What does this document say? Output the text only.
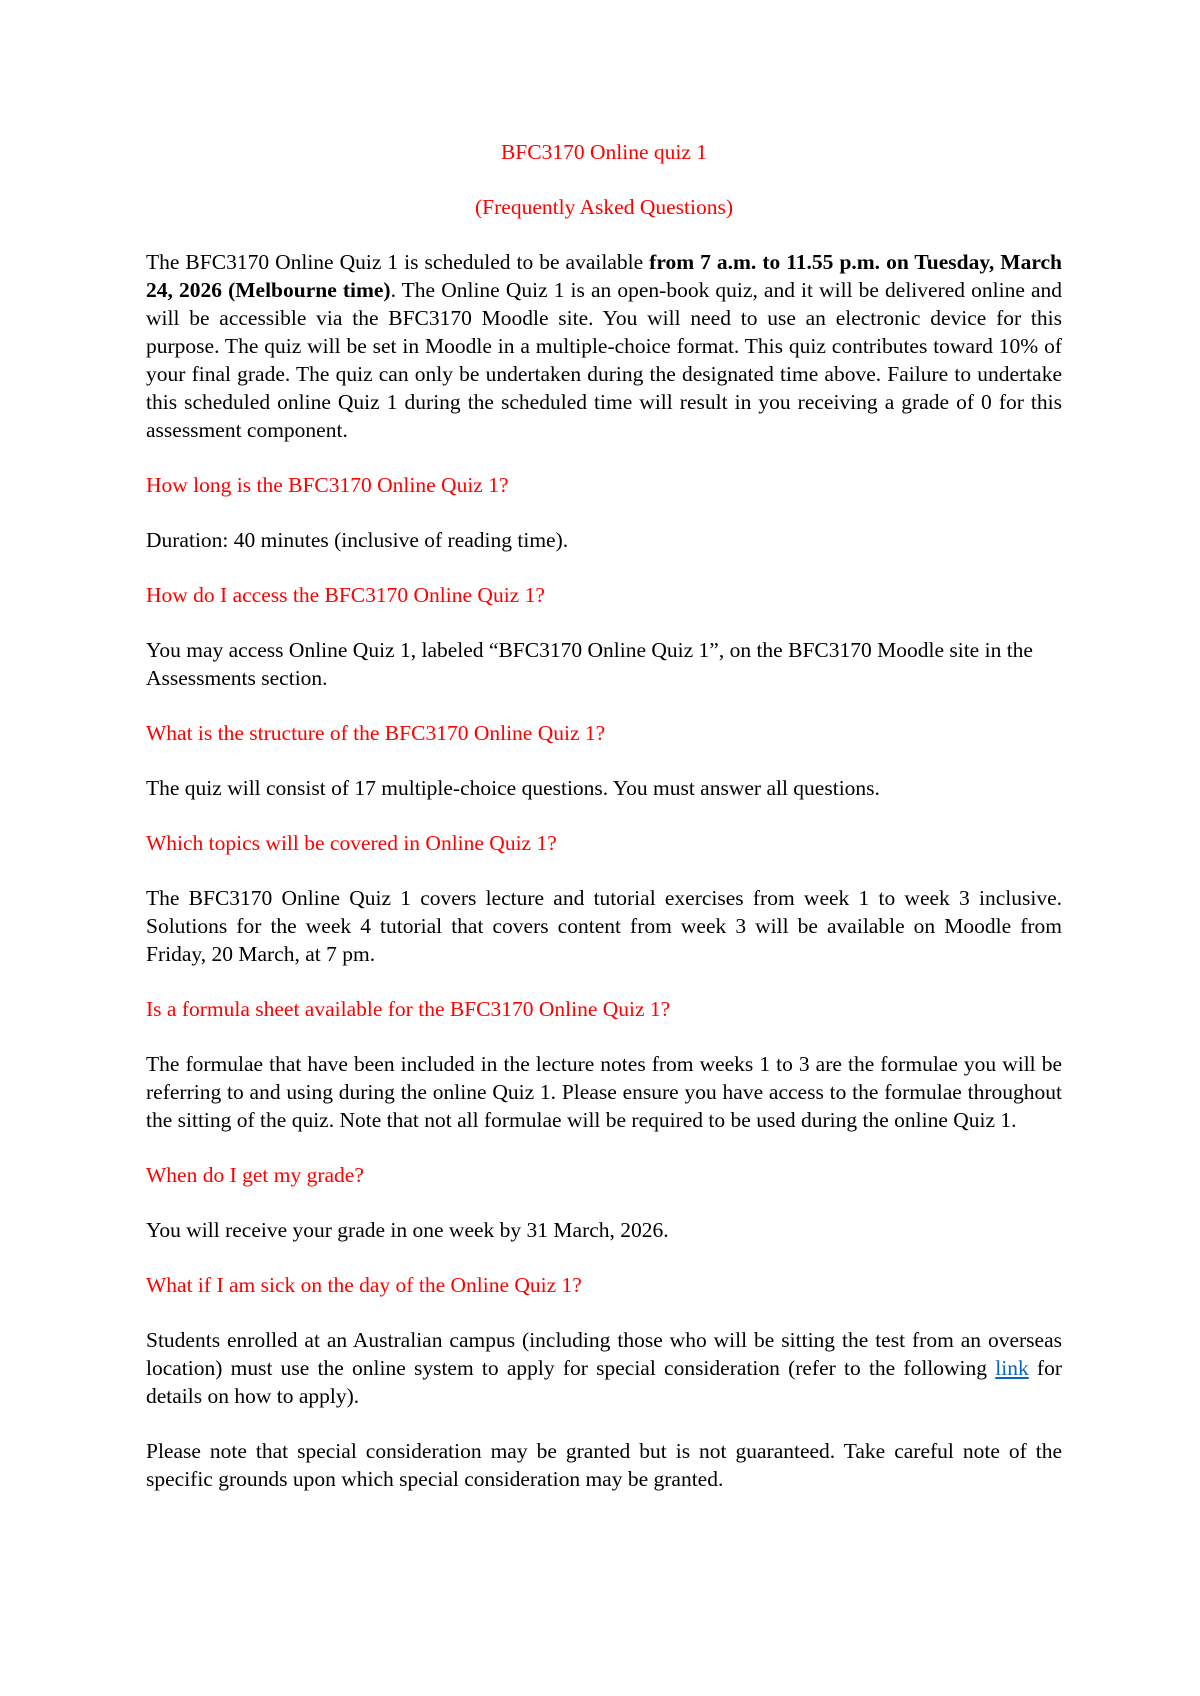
BFC3170 Online quiz 1

(Frequently Asked Questions)

The BFC3170 Online Quiz 1 is scheduled to be available from 7 a.m. to 11.55 p.m. on Tuesday, March 24, 2026 (Melbourne time). The Online Quiz 1 is an open-book quiz, and it will be delivered online and will be accessible via the BFC3170 Moodle site. You will need to use an electronic device for this purpose. The quiz will be set in Moodle in a multiple-choice format. This quiz contributes toward 10% of your final grade. The quiz can only be undertaken during the designated time above. Failure to undertake this scheduled online Quiz 1 during the scheduled time will result in you receiving a grade of 0 for this assessment component.

How long is the BFC3170 Online Quiz 1?

Duration: 40 minutes (inclusive of reading time).

How do I access the BFC3170 Online Quiz 1?

You may access Online Quiz 1, labeled “BFC3170 Online Quiz 1”, on the BFC3170 Moodle site in the Assessments section.

What is the structure of the BFC3170 Online Quiz 1?

The quiz will consist of 17 multiple-choice questions. You must answer all questions.

Which topics will be covered in Online Quiz 1?

The BFC3170 Online Quiz 1 covers lecture and tutorial exercises from week 1 to week 3 inclusive. Solutions for the week 4 tutorial that covers content from week 3 will be available on Moodle from Friday, 20 March, at 7 pm.

Is a formula sheet available for the BFC3170 Online Quiz 1?

The formulae that have been included in the lecture notes from weeks 1 to 3 are the formulae you will be referring to and using during the online Quiz 1. Please ensure you have access to the formulae throughout the sitting of the quiz. Note that not all formulae will be required to be used during the online Quiz 1.

When do I get my grade?

You will receive your grade in one week by 31 March, 2026.

What if I am sick on the day of the Online Quiz 1?

Students enrolled at an Australian campus (including those who will be sitting the test from an overseas location) must use the online system to apply for special consideration (refer to the following link for details on how to apply).

Please note that special consideration may be granted but is not guaranteed. Take careful note of the specific grounds upon which special consideration may be granted.
